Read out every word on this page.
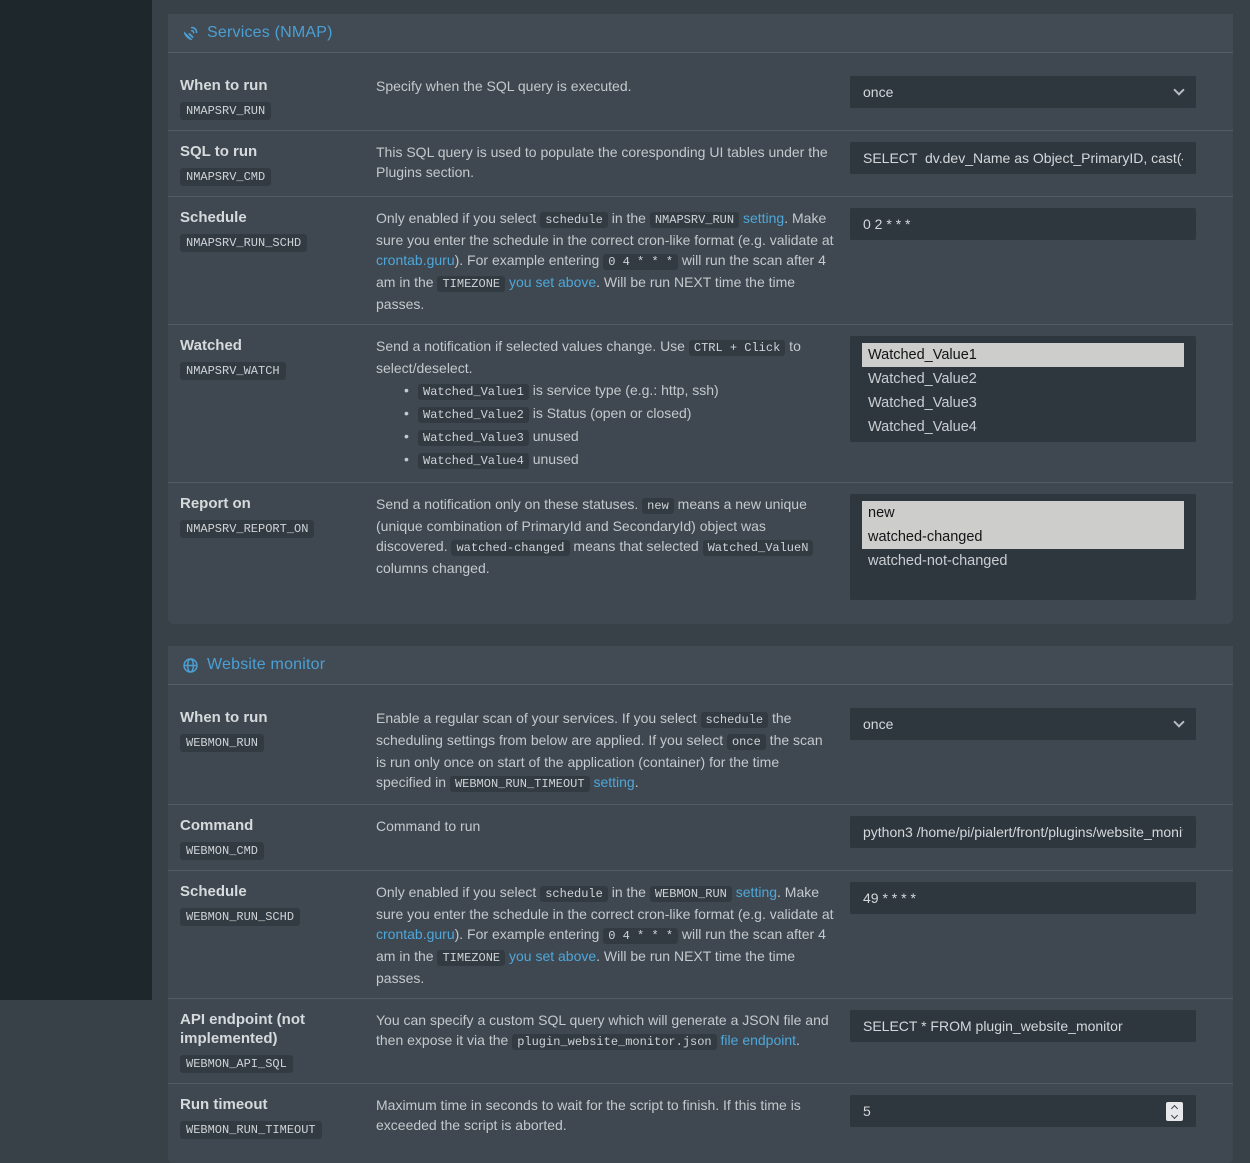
Services (NMAP)
When to run
NMAPSRV_RUN
Specify when the SQL query is executed.	once
SQL to run
NMAPSRV_CMD
This SQL query is used to populate the coresponding UI tables under the Plugins section.
SELECT dv.dev_Name as Object_PrimaryID, cast({s-quo
Schedule
NMAPSRV_RUN_SCHD
Only enabled if you select schedule in the NMAPSRV_RUN setting. Make sure you enter the schedule in the correct cron-like format (e.g. validate at crontab.guru). For example entering 0 4 * * * will run the scan after 4 am in the TIMEZONE you set above. Will be run NEXT time the time passes.
0 2 * * *
Watched
NMAPSRV_WATCH
Send a notification if selected values change. Use CTRL + Click to select/deselect.
• Watched_Value1 is service type (e.g.: http, ssh)
• Watched_Value2 is Status (open or closed)
• Watched_Value3 unused
• Watched_Value4 unused
Watched_Value1
Watched_Value2
Watched_Value3
Watched_Value4
Report on
NMAPSRV_REPORT_ON
Send a notification only on these statuses. new means a new unique (unique combination of PrimaryId and SecondaryId) object was discovered. watched-changed means that selected Watched_ValueN columns changed.
new
watched-changed
watched-not-changed
Website monitor
When to run
WEBMON_RUN
Enable a regular scan of your services. If you select schedule the scheduling settings from below are applied. If you select once the scan is run only once on start of the application (container) for the time specified in WEBMON_RUN_TIMEOUT setting.
once
Command
WEBMON_CMD
Command to run
python3 /home/pi/pialert/front/plugins/website_monit
Schedule
WEBMON_RUN_SCHD
Only enabled if you select schedule in the WEBMON_RUN setting. Make sure you enter the schedule in the correct cron-like format (e.g. validate at crontab.guru). For example entering 0 4 * * * will run the scan after 4 am in the TIMEZONE you set above. Will be run NEXT time the time passes.
49 * * * *
API endpoint (not implemented)
WEBMON_API_SQL
You can specify a custom SQL query which will generate a JSON file and then expose it via the plugin_website_monitor.json file endpoint.
SELECT * FROM plugin_website_monitor
Run timeout
WEBMON_RUN_TIMEOUT
Maximum time in seconds to wait for the script to finish. If this time is exceeded the script is aborted.
5
